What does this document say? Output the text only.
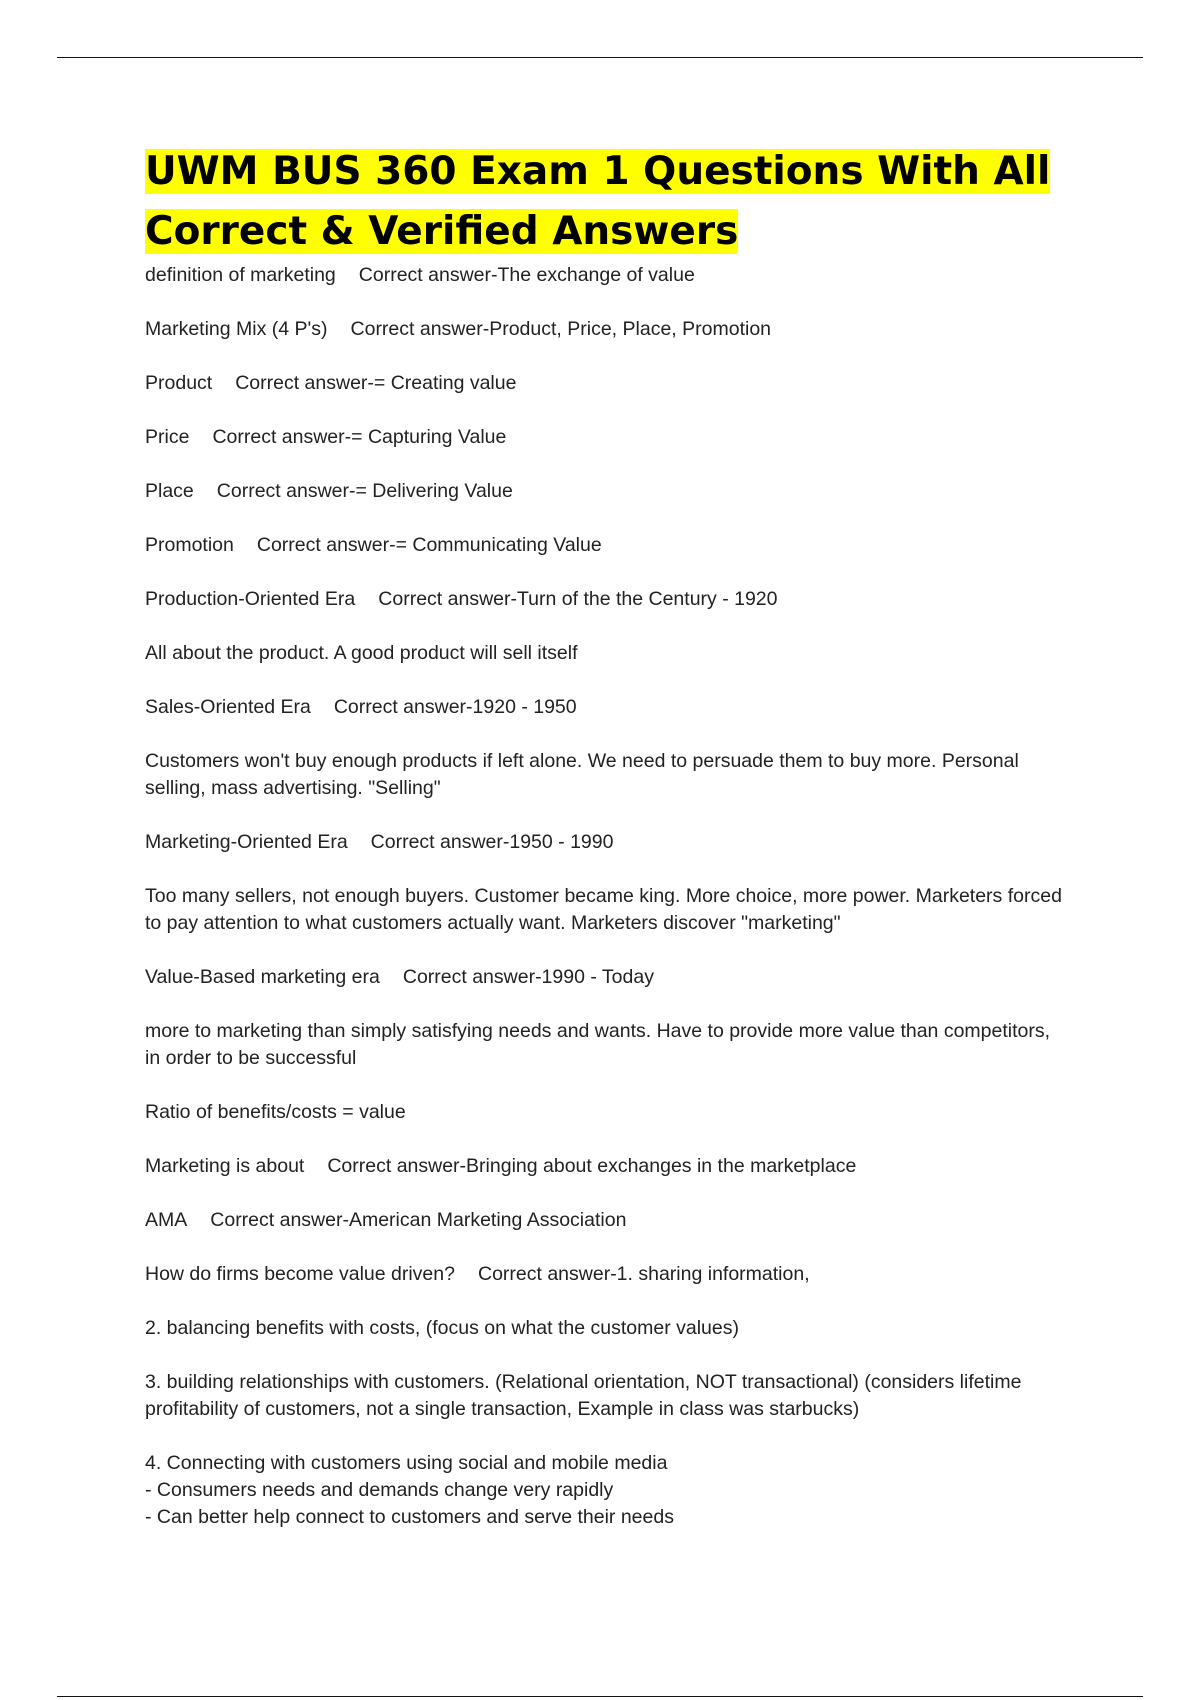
UWM BUS 360 Exam 1 Questions With All
Correct & Verified Answers
definition of marketing Correct answer-The exchange of value
Marketing Mix (4 P's) Correct answer-Product, Price, Place, Promotion
Product Correct answer-= Creating value
Price Correct answer-= Capturing Value
Place Correct answer-= Delivering Value
Promotion Correct answer-= Communicating Value
Production-Oriented Era Correct answer-Turn of the the Century - 1920
All about the product. A good product will sell itself
Sales-Oriented Era Correct answer-1920 - 1950
Customers won't buy enough products if left alone. We need to persuade them to buy more. Personal selling, mass advertising. "Selling"
Marketing-Oriented Era Correct answer-1950 - 1990
Too many sellers, not enough buyers. Customer became king. More choice, more power. Marketers forced to pay attention to what customers actually want. Marketers discover "marketing"
Value-Based marketing era Correct answer-1990 - Today
more to marketing than simply satisfying needs and wants. Have to provide more value than competitors, in order to be successful
Ratio of benefits/costs = value
Marketing is about Correct answer-Bringing about exchanges in the marketplace
AMA Correct answer-American Marketing Association
How do firms become value driven? Correct answer-1. sharing information,
2. balancing benefits with costs, (focus on what the customer values)
3. building relationships with customers. (Relational orientation, NOT transactional) (considers lifetime profitability of customers, not a single transaction, Example in class was starbucks)
4. Connecting with customers using social and mobile media
- Consumers needs and demands change very rapidly
- Can better help connect to customers and serve their needs
